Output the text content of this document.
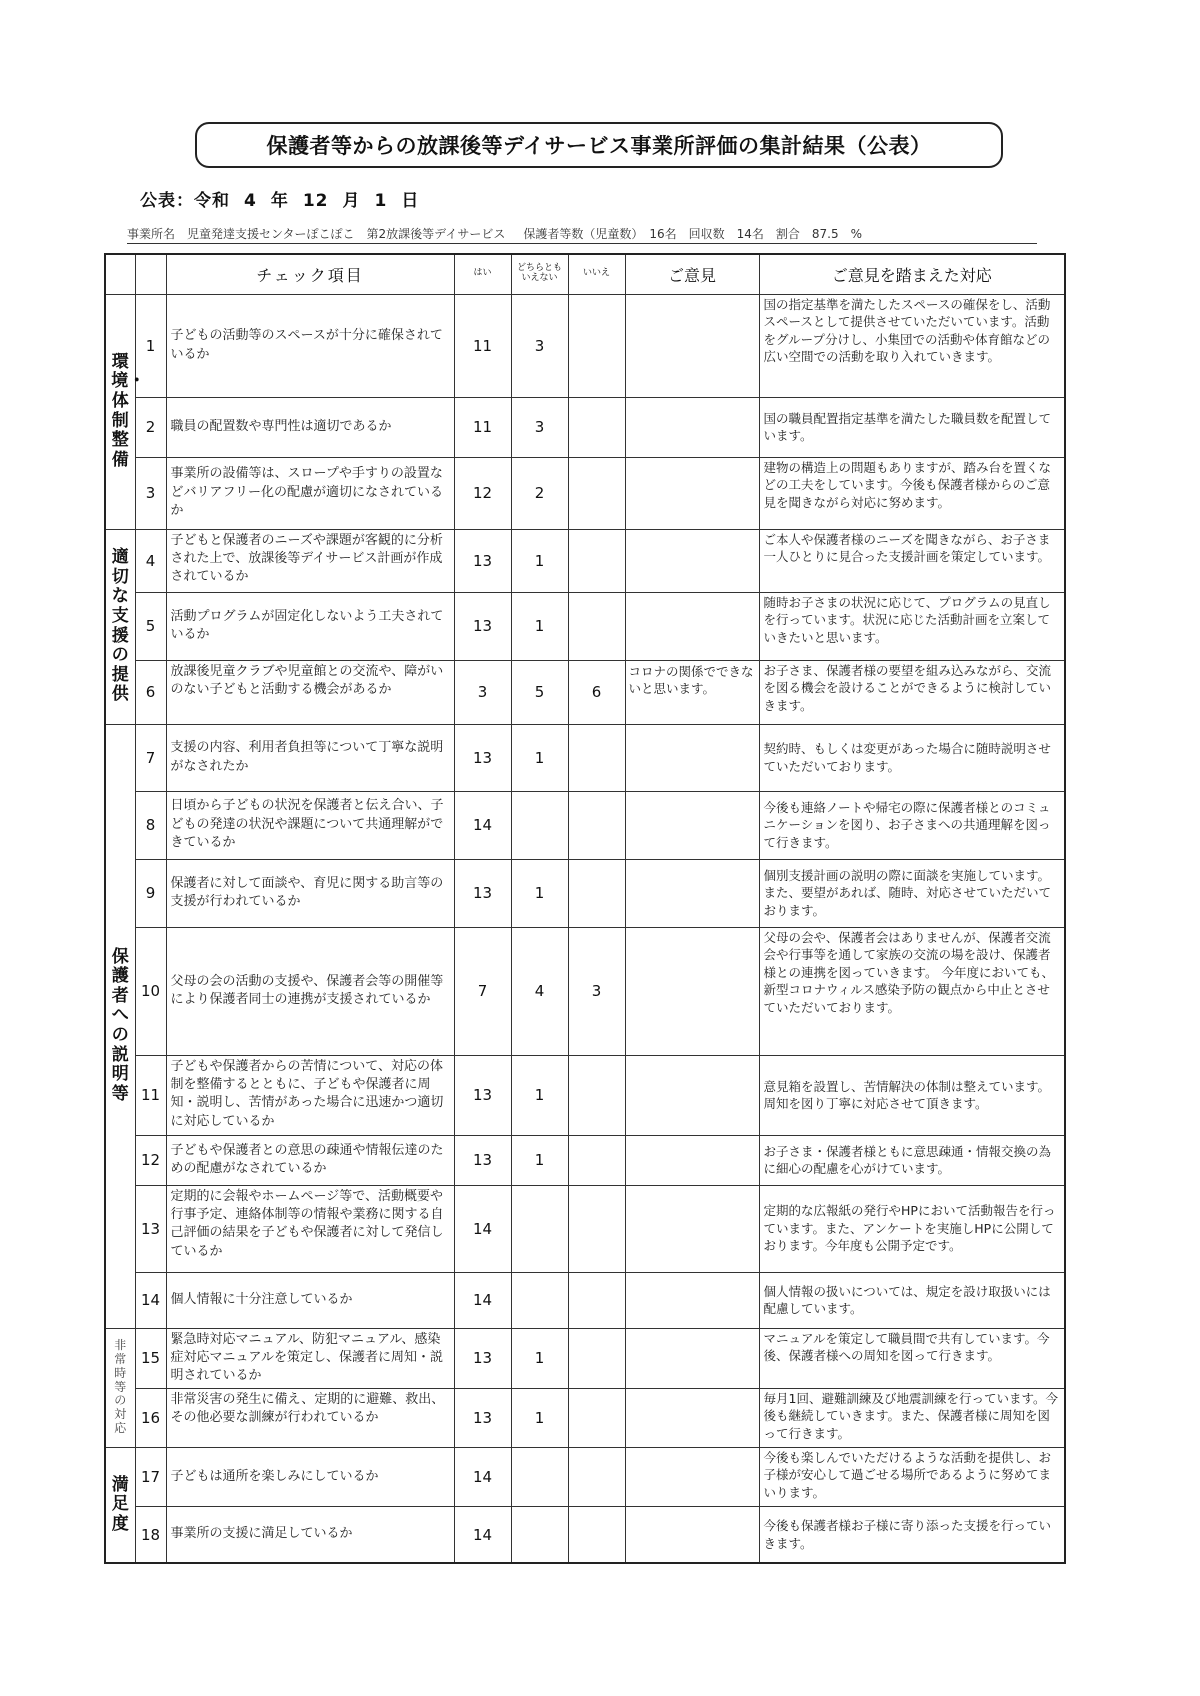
保護者等からの放課後等デイサービス事業所評価の集計結果（公表）
公表：令和 4 年 12 月 1 日
事業所名　児童発達支援センターぽこぽこ　第2放課後等デイサービス 保護者等数（児童数）　16名　回収数　14名　割合　87.5　%
		チェック項目	はい	どちらとも いえない	いいえ	ご意見	ご意見を踏まえた対応
環境・体制整備	1	子どもの活動等のスペースが十分に確保されているか	11	3			国の指定基準を満たしたスペースの確保をし、活動スペースとして提供させていただいています。活動をグループ分けし、小集団での活動や体育館などの広い空間での活動を取り入れていきます。
	2	職員の配置数や専門性は適切であるか	11	3			国の職員配置指定基準を満たした職員数を配置しています。
	3	事業所の設備等は、スロープや手すりの設置などバリアフリー化の配慮が適切になされているか	12	2			建物の構造上の問題もありますが、踏み台を置くなどの工夫をしています。今後も保護者様からのご意見を聞きながら対応に努めます。
適切な支援の提供	4	子どもと保護者のニーズや課題が客観的に分析された上で、放課後等デイサービス計画が作成されているか	13	1			ご本人や保護者様のニーズを聞きながら、お子さま一人ひとりに見合った支援計画を策定しています。
	5	活動プログラムが固定化しないよう工夫されているか	13	1			随時お子さまの状況に応じて、プログラムの見直しを行っています。状況に応じた活動計画を立案していきたいと思います。
	6	放課後児童クラブや児童館との交流や、障がいのない子どもと活動する機会があるか	3	5	6	コロナの関係でできないと思います。	お子さま、保護者様の要望を組み込みながら、交流を図る機会を設けることができるように検討していきます。
保護者への説明等	7	支援の内容、利用者負担等について丁寧な説明がなされたか	13	1			契約時、もしくは変更があった場合に随時説明させていただいております。
	8	日頃から子どもの状況を保護者と伝え合い、子どもの発達の状況や課題について共通理解ができているか	14				今後も連絡ノートや帰宅の際に保護者様とのコミュニケーションを図り、お子さまへの共通理解を図って行きます。
	9	保護者に対して面談や、育児に関する助言等の支援が行われているか	13	1			個別支援計画の説明の際に面談を実施しています。また、要望があれば、随時、対応させていただいております。
	10	父母の会の活動の支援や、保護者会等の開催等により保護者同士の連携が支援されているか	7	4	3		父母の会や、保護者会はありませんが、保護者交流会や行事等を通して家族の交流の場を設け、保護者様との連携を図っていきます。 今年度においても、新型コロナウィルス感染予防の観点から中止とさせていただいております。
	11	子どもや保護者からの苦情について、対応の体制を整備するとともに、子どもや保護者に周知・説明し、苦情があった場合に迅速かつ適切に対応しているか	13	1			意見箱を設置し、苦情解決の体制は整えています。周知を図り丁寧に対応させて頂きます。
	12	子どもや保護者との意思の疎通や情報伝達のための配慮がなされているか	13	1			お子さま・保護者様ともに意思疎通・情報交換の為に細心の配慮を心がけています。
	13	定期的に会報やホームページ等で、活動概要や行事予定、連絡体制等の情報や業務に関する自己評価の結果を子どもや保護者に対して発信しているか	14				定期的な広報紙の発行やHPにおいて活動報告を行っています。また、アンケートを実施しHPに公開しております。今年度も公開予定です。
	14	個人情報に十分注意しているか	14				個人情報の扱いについては、規定を設け取扱いには配慮しています。
非常時等の対応	15	緊急時対応マニュアル、防犯マニュアル、感染症対応マニュアルを策定し、保護者に周知・説明されているか	13	1			マニュアルを策定して職員間で共有しています。今後、保護者様への周知を図って行きます。
	16	非常災害の発生に備え、定期的に避難、救出、その他必要な訓練が行われているか	13	1			毎月1回、避難訓練及び地震訓練を行っています。今後も継続していきます。また、保護者様に周知を図って行きます。
満足度	17	子どもは通所を楽しみにしているか	14				今後も楽しんでいただけるような活動を提供し、お子様が安心して過ごせる場所であるように努めてまいります。
	18	事業所の支援に満足しているか	14				今後も保護者様お子様に寄り添った支援を行っていきます。
